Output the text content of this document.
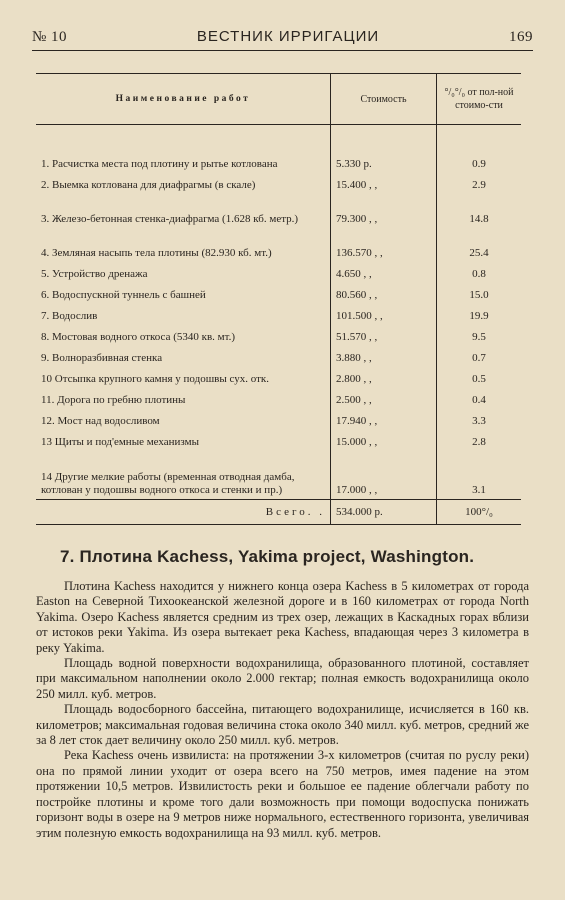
№ 10	ВЕСТНИК ИРРИГАЦИИ	169
Наименование работ	Стоимость	°/₀°/₀ от пол-ной стоимо-сти

1. Расчистка места под плотину и рытье котлована	5.330 р.	0.9
2. Выемка котлована для диафрагмы (в скале)	15.400 , ,	2.9
3. Железо-бетонная стенка-диафрагма (1.628 кб. метр.)	79.300 , ,	14.8
4. Земляная насыпь тела плотины (82.930 кб. мт.)	136.570 , ,	25.4
5. Устройство дренажа	4.650 , ,	0.8
6. Водоспускной туннель с башней	80.560 , ,	15.0
7. Водослив	101.500 , ,	19.9
8. Мостовая водного откоса (5340 кв. мт.)	51.570 , ,	9.5
9. Волноразбивная стенка	3.880 , ,	0.7
10 Отсыпка крупного камня у подошвы сух. отк.	2.800 , ,	0.5
11. Дорога по гребню плотины	2.500 , ,	0.4
12. Мост над водосливом	17.940 , ,	3.3
13 Щиты и под'емные механизмы	15.000 , ,	2.8
14 Другие мелкие работы (временная отводная дамба, котлован у подошвы водного откоса и стенки и пр.)	17.000 , ,	3.1
Всего. .	534.000 р.	100°/₀
7. Плотина Kachess, Yakima project, Washington.

Плотина Kachess находится у нижнего конца озера Kachess в 5 километрах от города Easton на Северной Тихоокеанской железной дороге и в 160 километрах от города North Yakima. Озеро Kachess является средним из трех озер, лежащих в Каскадных горах вблизи от истоков реки Yakima. Из озера вытекает река Kachess, впадающая через 3 километра в реку Yakima.

Площадь водной поверхности водохранилища, образованного плотиной, составляет при максимальном наполнении около 2.000 гектар; полная емкость водохранилища около 250 милл. куб. метров.

Площадь водосборного бассейна, питающего водохранилище, исчисляется в 160 кв. километров; максимальная годовая величина стока около 340 милл. куб. метров, средний же за 8 лет сток дает величину около 250 милл. куб. метров.

Река Kachess очень извилиста: на протяжении 3-х километров (считая по руслу реки) она по прямой линии уходит от озера всего на 750 метров, имея падение на этом протяжении 10,5 метров. Извилистость реки и большое ее падение облегчали работу по постройке плотины и кроме того дали возможность при помощи водоспуска понижать горизонт воды в озере на 9 метров ниже нормального, естественного горизонта, увеличивая этим полезную емкость водохранилища на 93 милл. куб. метров.
